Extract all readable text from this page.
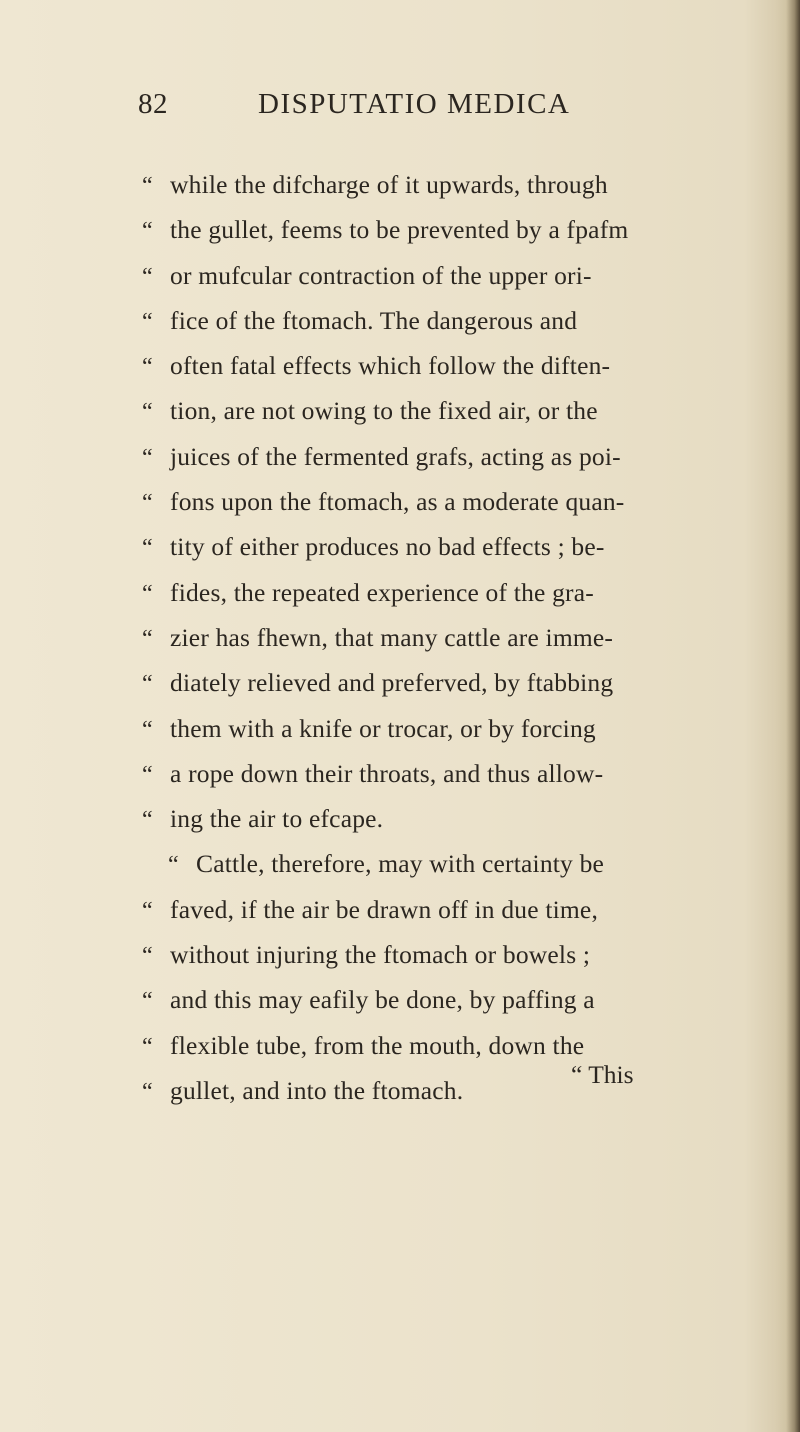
82	DISPUTATIO MEDICA
“ while the difcharge of it upwards, through
“ the gullet, feems to be prevented by a fpafm
“ or mufcular contraction of the upper ori-
“ fice of the ftomach. The dangerous and
“ often fatal effects which follow the diften-
“ tion, are not owing to the fixed air, or the
“ juices of the fermented grafs, acting as poi-
“ fons upon the ftomach, as a moderate quan-
“ tity of either produces no bad effects ; be-
“ fides, the repeated experience of the gra-
“ zier has fhewn, that many cattle are imme-
“ diately relieved and preferved, by ftabbing
“ them with a knife or trocar, or by forcing
“ a rope down their throats, and thus allow-
“ ing the air to efcape.
“ Cattle, therefore, may with certainty be
“ faved, if the air be drawn off in due time,
“ without injuring the ftomach or bowels ;
“ and this may eafily be done, by paffing a
“ flexible tube, from the mouth, down the
“ gullet, and into the ftomach.
“ This
